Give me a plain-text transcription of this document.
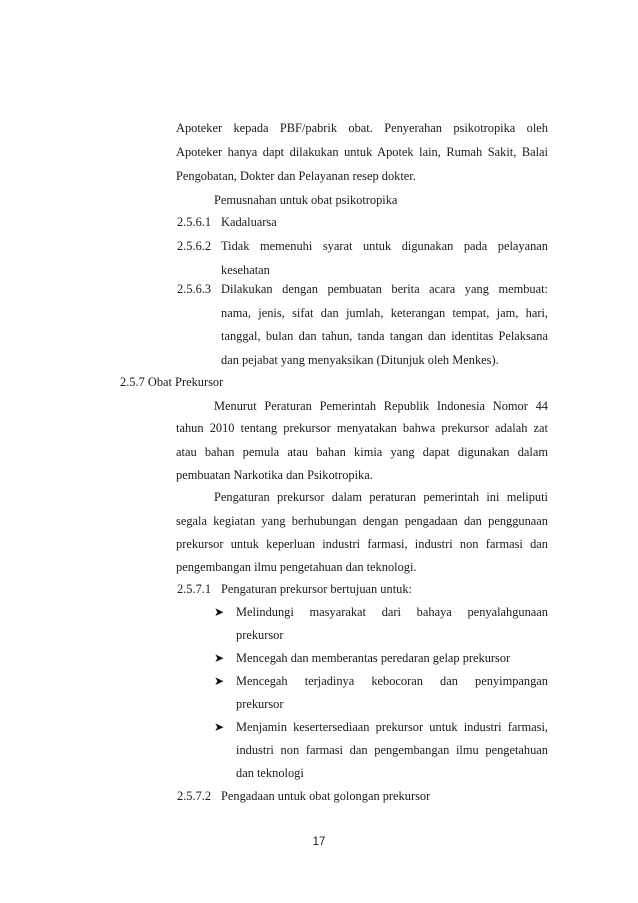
Apoteker kepada PBF/pabrik obat. Penyerahan psikotropika oleh
Apoteker hanya dapt dilakukan untuk Apotek lain, Rumah Sakit, Balai
Pengobatan, Dokter dan Pelayanan resep dokter.
Pemusnahan untuk obat psikotropika
2.5.6.1 Kadaluarsa
2.5.6.2 Tidak memenuhi syarat untuk digunakan pada pelayanan
kesehatan
2.5.6.3 Dilakukan dengan pembuatan berita acara yang membuat:
nama, jenis, sifat dan jumlah, keterangan tempat, jam, hari,
tanggal, bulan dan tahun, tanda tangan dan identitas Pelaksana
dan pejabat yang menyaksikan (Ditunjuk oleh Menkes).
2.5.7 Obat Prekursor
Menurut Peraturan Pemerintah Republik Indonesia Nomor 44
tahun 2010 tentang prekursor menyatakan bahwa prekursor adalah zat
atau bahan pemula atau bahan kimia yang dapat digunakan dalam
pembuatan Narkotika dan Psikotropika.
Pengaturan prekursor dalam peraturan pemerintah ini meliputi
segala kegiatan yang berhubungan dengan pengadaan dan penggunaan
prekursor untuk keperluan industri farmasi, industri non farmasi dan
pengembangan ilmu pengetahuan dan teknologi.
2.5.7.1 Pengaturan prekursor bertujuan untuk:
➤ Melindungi masyarakat dari bahaya penyalahgunaan
prekursor
➤ Mencegah dan memberantas peredaran gelap prekursor
➤ Mencegah terjadinya kebocoran dan penyimpangan
prekursor
➤ Menjamin kesertersediaan prekursor untuk industri farmasi,
industri non farmasi dan pengembangan ilmu pengetahuan
dan teknologi
2.5.7.2 Pengadaan untuk obat golongan prekursor
17
